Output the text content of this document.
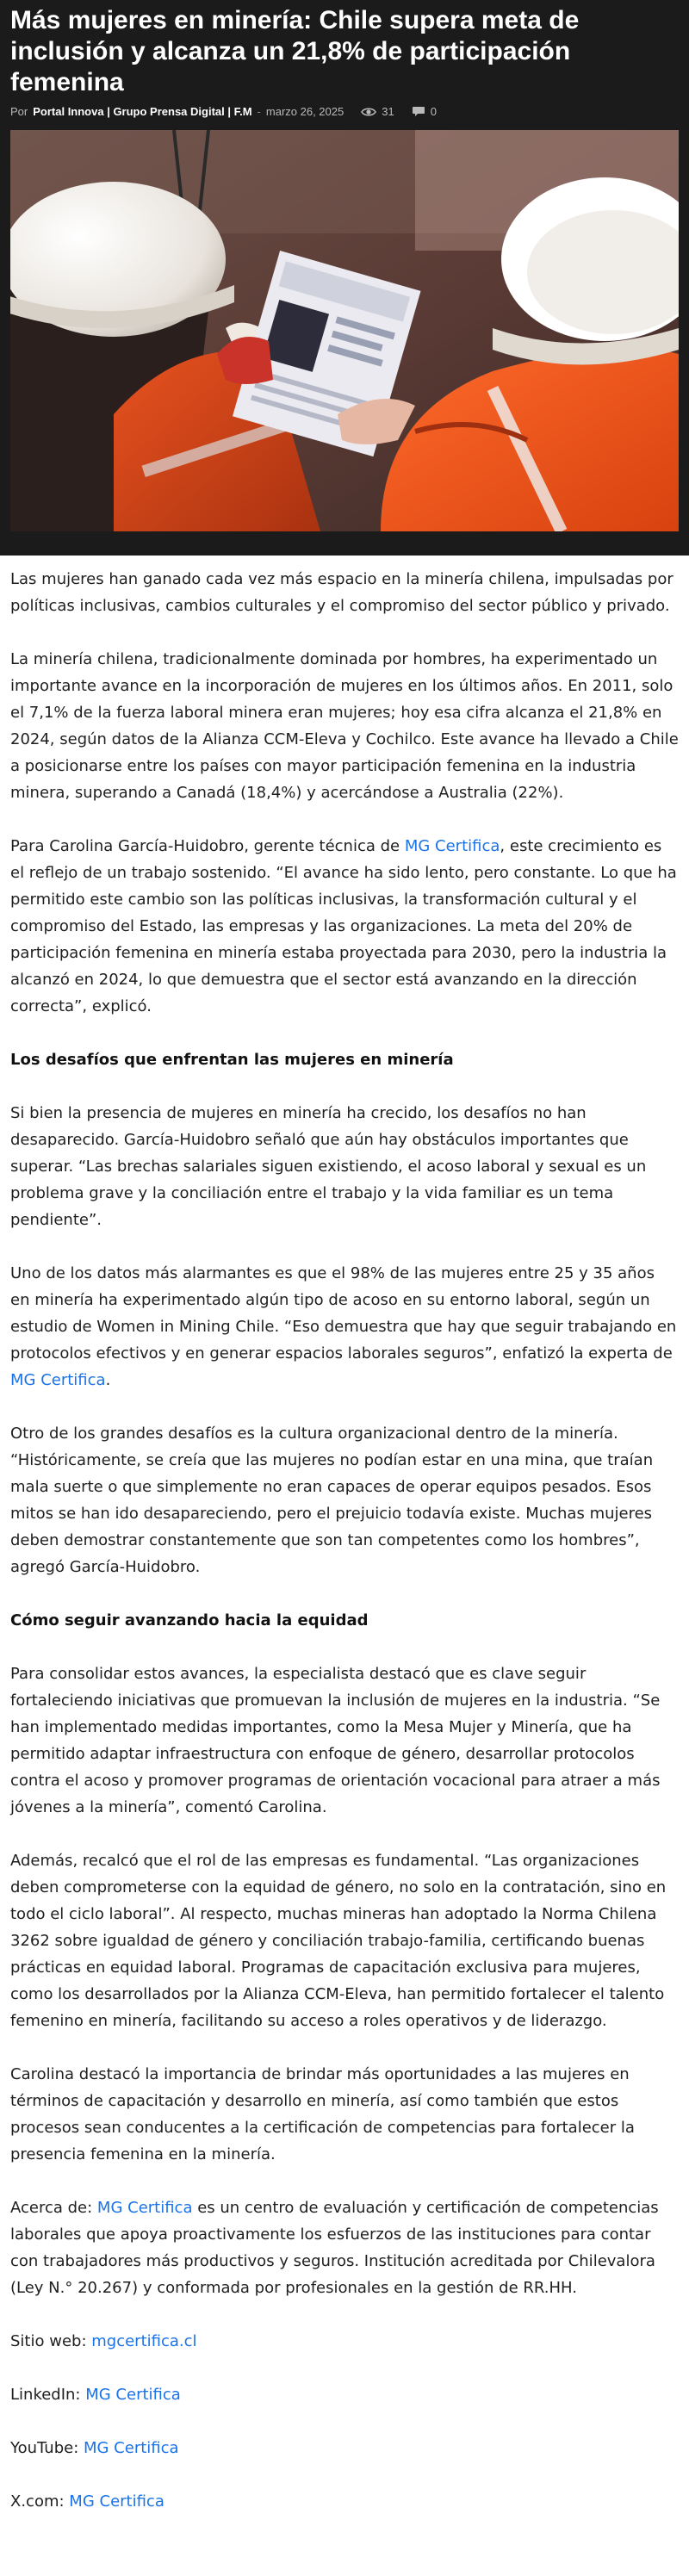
Más mujeres en minería: Chile supera meta de inclusión y alcanza un 21,8% de participación femenina
Por Portal Innova | Grupo Prensa Digital | F.M - marzo 26, 2025	31	0

Las mujeres han ganado cada vez más espacio en la minería chilena, impulsadas por políticas inclusivas, cambios culturales y el compromiso del sector público y privado.

La minería chilena, tradicionalmente dominada por hombres, ha experimentado un importante avance en la incorporación de mujeres en los últimos años. En 2011, solo el 7,1% de la fuerza laboral minera eran mujeres; hoy esa cifra alcanza el 21,8% en 2024, según datos de la Alianza CCM-Eleva y Cochilco. Este avance ha llevado a Chile a posicionarse entre los países con mayor participación femenina en la industria minera, superando a Canadá (18,4%) y acercándose a Australia (22%).

Para Carolina García-Huidobro, gerente técnica de MG Certifica, este crecimiento es el reflejo de un trabajo sostenido. “El avance ha sido lento, pero constante. Lo que ha permitido este cambio son las políticas inclusivas, la transformación cultural y el compromiso del Estado, las empresas y las organizaciones. La meta del 20% de participación femenina en minería estaba proyectada para 2030, pero la industria la alcanzó en 2024, lo que demuestra que el sector está avanzando en la dirección correcta”, explicó.

Los desafíos que enfrentan las mujeres en minería

Si bien la presencia de mujeres en minería ha crecido, los desafíos no han desaparecido. García-Huidobro señaló que aún hay obstáculos importantes que superar. “Las brechas salariales siguen existiendo, el acoso laboral y sexual es un problema grave y la conciliación entre el trabajo y la vida familiar es un tema pendiente”.

Uno de los datos más alarmantes es que el 98% de las mujeres entre 25 y 35 años en minería ha experimentado algún tipo de acoso en su entorno laboral, según un estudio de Women in Mining Chile. “Eso demuestra que hay que seguir trabajando en protocolos efectivos y en generar espacios laborales seguros”, enfatizó la experta de MG Certifica.

Otro de los grandes desafíos es la cultura organizacional dentro de la minería. “Históricamente, se creía que las mujeres no podían estar en una mina, que traían mala suerte o que simplemente no eran capaces de operar equipos pesados. Esos mitos se han ido desapareciendo, pero el prejuicio todavía existe. Muchas mujeres deben demostrar constantemente que son tan competentes como los hombres”, agregó García-Huidobro.

Cómo seguir avanzando hacia la equidad

Para consolidar estos avances, la especialista destacó que es clave seguir fortaleciendo iniciativas que promuevan la inclusión de mujeres en la industria. “Se han implementado medidas importantes, como la Mesa Mujer y Minería, que ha permitido adaptar infraestructura con enfoque de género, desarrollar protocolos contra el acoso y promover programas de orientación vocacional para atraer a más jóvenes a la minería”, comentó Carolina.

Además, recalcó que el rol de las empresas es fundamental. “Las organizaciones deben comprometerse con la equidad de género, no solo en la contratación, sino en todo el ciclo laboral”. Al respecto, muchas mineras han adoptado la Norma Chilena 3262 sobre igualdad de género y conciliación trabajo-familia, certificando buenas prácticas en equidad laboral. Programas de capacitación exclusiva para mujeres, como los desarrollados por la Alianza CCM-Eleva, han permitido fortalecer el talento femenino en minería, facilitando su acceso a roles operativos y de liderazgo.

Carolina destacó la importancia de brindar más oportunidades a las mujeres en términos de capacitación y desarrollo en minería, así como también que estos procesos sean conducentes a la certificación de competencias para fortalecer la presencia femenina en la minería.

Acerca de: MG Certifica es un centro de evaluación y certificación de competencias laborales que apoya proactivamente los esfuerzos de las instituciones para contar con trabajadores más productivos y seguros. Institución acreditada por Chilevalora (Ley N.° 20.267) y conformada por profesionales en la gestión de RR.HH.

Sitio web: mgcertifica.cl

LinkedIn: MG Certifica

YouTube: MG Certifica

X.com: MG Certifica
